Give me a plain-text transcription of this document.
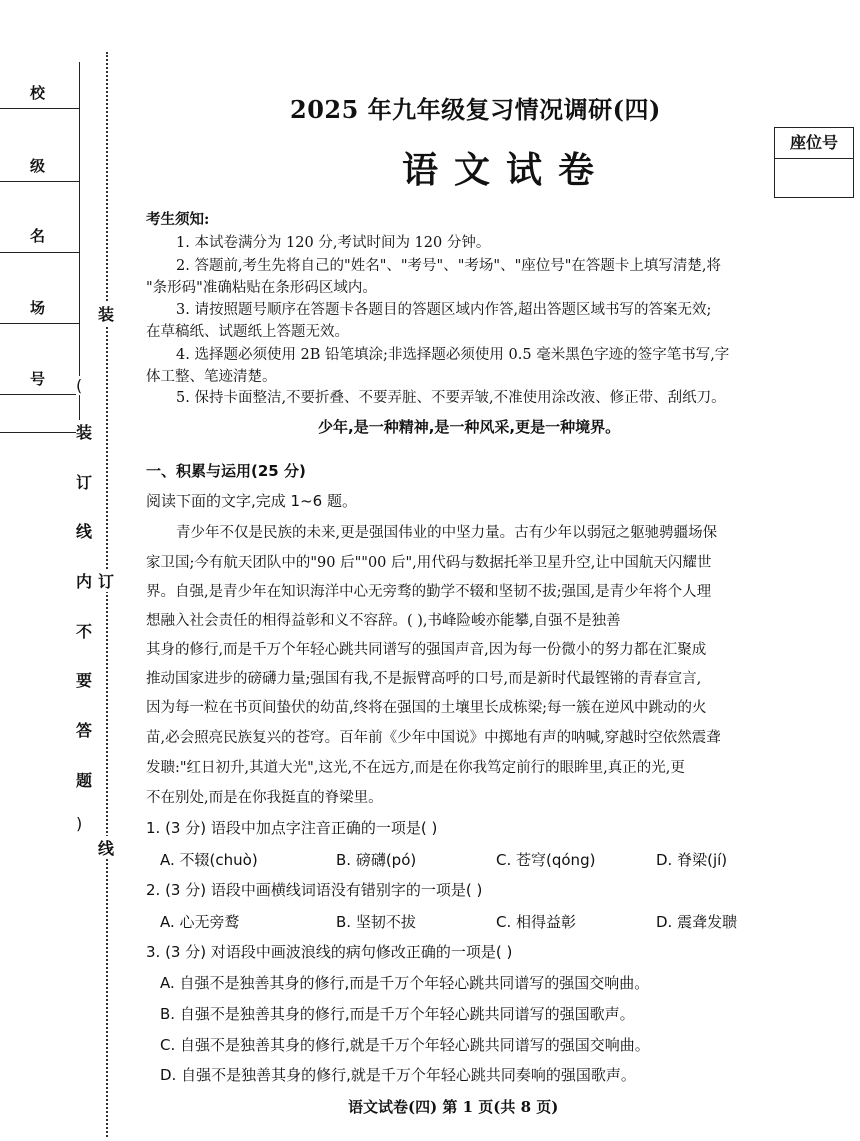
校
级
名
场
号
装
(
装
订
线
内 订
不
要
答
题
)
线
2025 年九年级复习情况调研(四)
语文试卷
座位号
考生须知:
1. 本试卷满分为 120 分,考试时间为 120 分钟。
2. 答题前,考生先将自己的"姓名"、"考号"、"考场"、"座位号"在答题卡上填写清楚,将
"条形码"准确粘贴在条形码区域内。
3. 请按照题号顺序在答题卡各题目的答题区域内作答,超出答题区域书写的答案无效;
在草稿纸、试题纸上答题无效。
4. 选择题必须使用 2B 铅笔填涂;非选择题必须使用 0.5 毫米黑色字迹的签字笔书写,字
体工整、笔迹清楚。
5. 保持卡面整洁,不要折叠、不要弄脏、不要弄皱,不准使用涂改液、修正带、刮纸刀。
少年,是一种精神,是一种风采,更是一种境界。
一、积累与运用(25 分)
阅读下面的文字,完成 1~6 题。
青少年不仅是民族的未来,更是强国伟业的中坚力量。古有少年以弱冠之躯驰骋疆场保
家卫国;今有航天团队中的"90 后""00 后",用代码与数据托举卫星升空,让中国航天闪耀世
界。自强,是青少年在知识海洋中心无旁骛的勤学不辍和坚韧不拔;强国,是青少年将个人理
想融入社会责任的相得益彰和义不容辞。( ),书峰险峻亦能攀,自强不是独善
其身的修行,而是千万个年轻心跳共同谱写的强国声音,因为每一份微小的努力都在汇聚成
推动国家进步的磅礴力量;强国有我,不是振臂高呼的口号,而是新时代最铿锵的青春宣言,
因为每一粒在书页间蛰伏的幼苗,终将在强国的土壤里长成栋梁;每一簇在逆风中跳动的火
苗,必会照亮民族复兴的苍穹。百年前《少年中国说》中掷地有声的呐喊,穿越时空依然震聋
发聩:"红日初升,其道大光",这光,不在远方,而是在你我笃定前行的眼眸里,真正的光,更
不在别处,而是在你我挺直的脊梁里。
1. (3 分) 语段中加点字注音正确的一项是( )
A. 不辍(chuò)	B. 磅礴(pó)	C. 苍穹(qóng)	D. 脊梁(jí)
2. (3 分) 语段中画横线词语没有错别字的一项是( )
A. 心无旁鹜	B. 坚韧不拔	C. 相得益彰	D. 震聋发聩
3. (3 分) 对语段中画波浪线的病句修改正确的一项是( )
A. 自强不是独善其身的修行,而是千万个年轻心跳共同谱写的强国交响曲。
B. 自强不是独善其身的修行,而是千万个年轻心跳共同谱写的强国歌声。
C. 自强不是独善其身的修行,就是千万个年轻心跳共同谱写的强国交响曲。
D. 自强不是独善其身的修行,就是千万个年轻心跳共同奏响的强国歌声。
语文试卷(四) 第 1 页(共 8 页)
